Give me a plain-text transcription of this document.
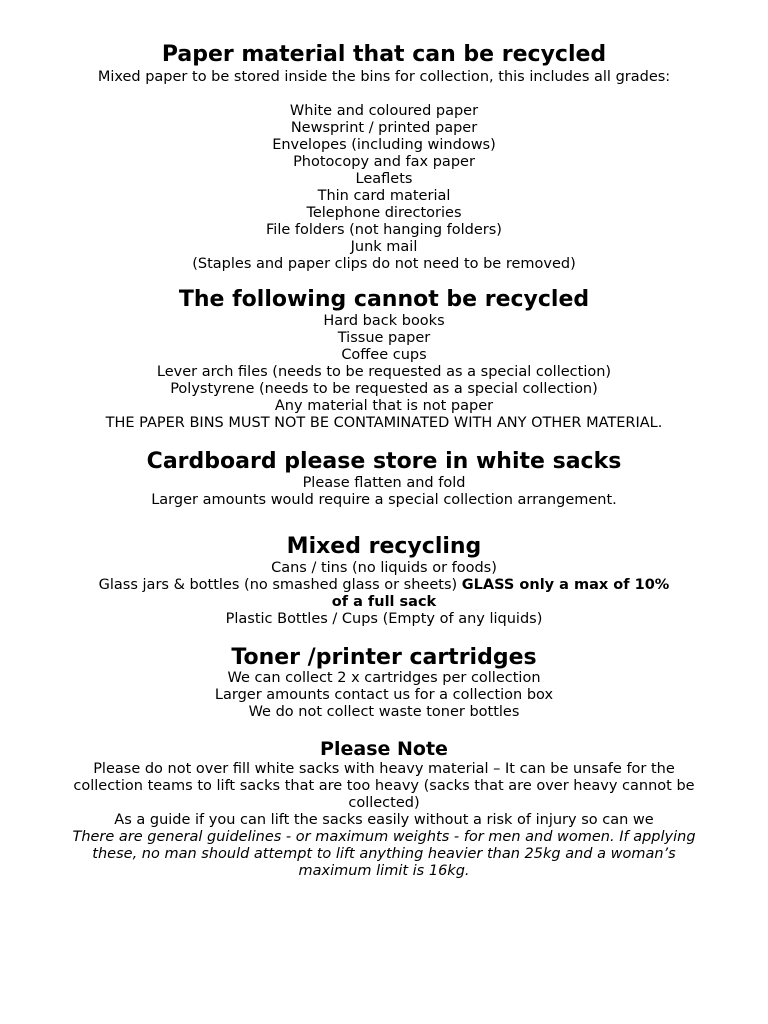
Paper material that can be recycled
Mixed paper to be stored inside the bins for collection, this includes all grades:
White and coloured paper
Newsprint / printed paper
Envelopes (including windows)
Photocopy and fax paper
Leaflets
Thin card material
Telephone directories
File folders (not hanging folders)
Junk mail
(Staples and paper clips do not need to be removed)
The following cannot be recycled
Hard back books
Tissue paper
Coffee cups
Lever arch files (needs to be requested as a special collection)
Polystyrene (needs to be requested as a special collection)
Any material that is not paper
THE PAPER BINS MUST NOT BE CONTAMINATED WITH ANY OTHER MATERIAL.
Cardboard please store in white sacks
Please flatten and fold
Larger amounts would require a special collection arrangement.
Mixed recycling
Cans / tins (no liquids or foods)
Glass jars & bottles (no smashed glass or sheets) GLASS only a max of 10%
of a full sack
Plastic Bottles / Cups (Empty of any liquids)
Toner /printer cartridges
We can collect 2 x cartridges per collection
Larger amounts contact us for a collection box
We do not collect waste toner bottles
Please Note
Please do not over fill white sacks with heavy material – It can be unsafe for the
collection teams to lift sacks that are too heavy (sacks that are over heavy cannot be
collected)
As a guide if you can lift the sacks easily without a risk of injury so can we
There are general guidelines - or maximum weights - for men and women. If applying
these, no man should attempt to lift anything heavier than 25kg and a woman’s
maximum limit is 16kg.
